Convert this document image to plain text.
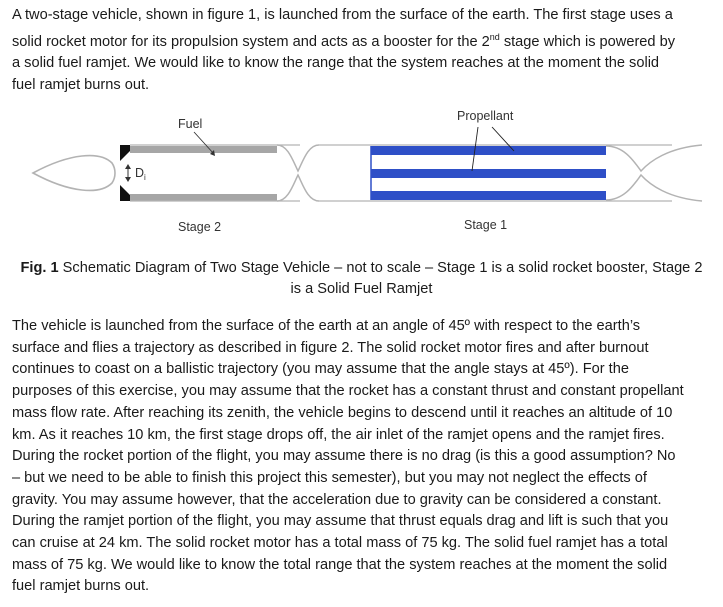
A two-stage vehicle, shown in figure 1, is launched from the surface of the earth. The first stage uses a
solid rocket motor for its propulsion system and acts as a booster for the 2nd stage which is powered by
a solid fuel ramjet. We would like to know the range that the system reaches at the moment the solid
fuel ramjet burns out.
$D_i$
Fuel
Propellant
Stage 2	Stage 1
Fig. 1 Schematic Diagram of Two Stage Vehicle – not to scale – Stage 1 is a solid rocket booster, Stage 2
is a Solid Fuel Ramjet
The vehicle is launched from the surface of the earth at an angle of 45º with respect to the earth’s
surface and flies a trajectory as described in figure 2. The solid rocket motor fires and after burnout
continues to coast on a ballistic trajectory (you may assume that the angle stays at 45º). For the
purposes of this exercise, you may assume that the rocket has a constant thrust and constant propellant
mass flow rate. After reaching its zenith, the vehicle begins to descend until it reaches an altitude of 10
km. As it reaches 10 km, the first stage drops off, the air inlet of the ramjet opens and the ramjet fires.
During the rocket portion of the flight, you may assume there is no drag (is this a good assumption? No
– but we need to be able to finish this project this semester), but you may not neglect the effects of
gravity. You may assume however, that the acceleration due to gravity can be considered a constant.
During the ramjet portion of the flight, you may assume that thrust equals drag and lift is such that you
can cruise at 24 km. The solid rocket motor has a total mass of 75 kg. The solid fuel ramjet has a total
mass of 75 kg. We would like to know the total range that the system reaches at the moment the solid
fuel ramjet burns out.
